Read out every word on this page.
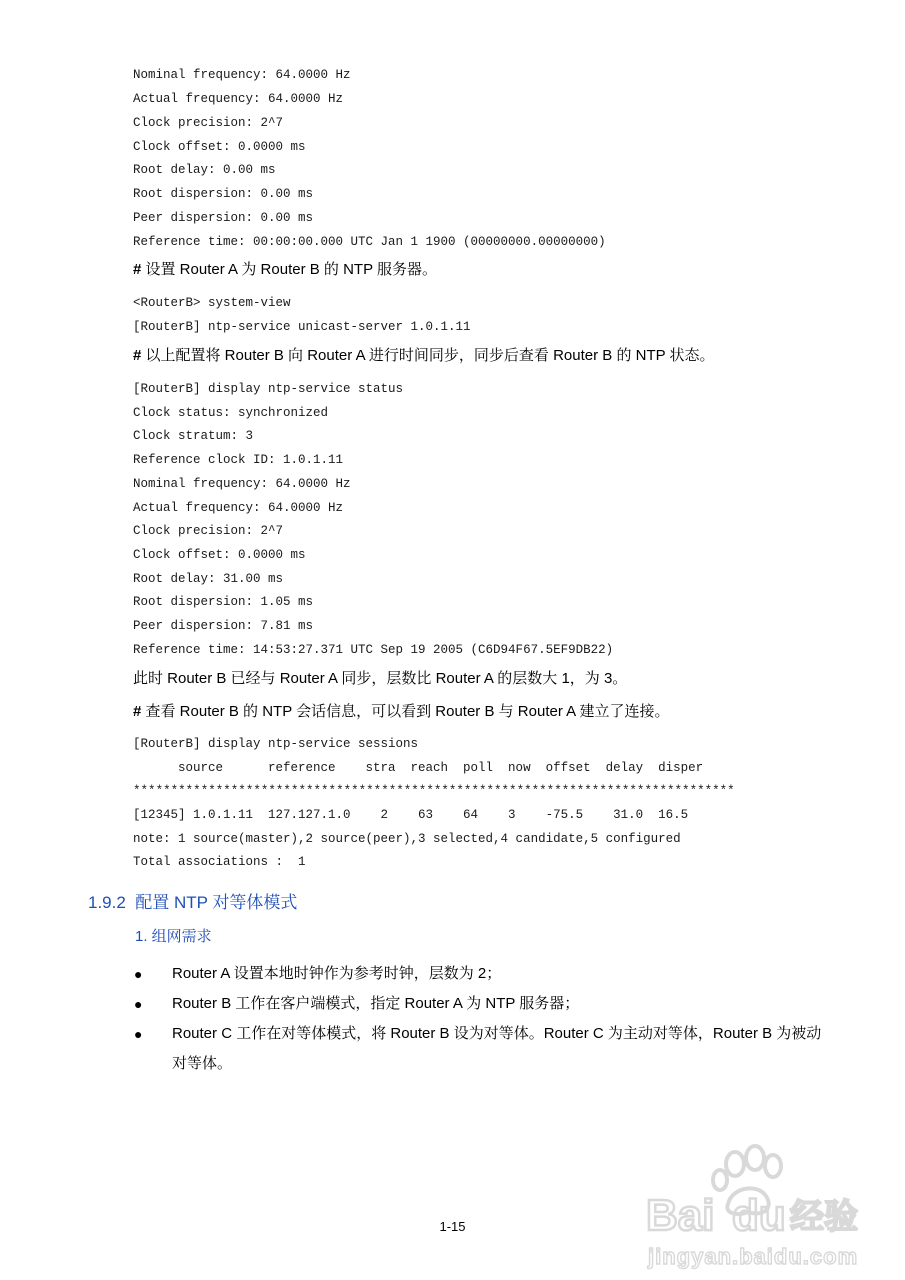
Nominal frequency: 64.0000 Hz
Actual frequency: 64.0000 Hz
Clock precision: 2^7
Clock offset: 0.0000 ms
Root delay: 0.00 ms
Root dispersion: 0.00 ms
Peer dispersion: 0.00 ms
Reference time: 00:00:00.000 UTC Jan 1 1900 (00000000.00000000)
# 设置 Router A 为 Router B 的 NTP 服务器。
<RouterB> system-view
[RouterB] ntp-service unicast-server 1.0.1.11
# 以上配置将 Router B 向 Router A 进行时间同步，同步后查看 Router B 的 NTP 状态。
[RouterB] display ntp-service status
Clock status: synchronized
Clock stratum: 3
Reference clock ID: 1.0.1.11
Nominal frequency: 64.0000 Hz
Actual frequency: 64.0000 Hz
Clock precision: 2^7
Clock offset: 0.0000 ms
Root delay: 31.00 ms
Root dispersion: 1.05 ms
Peer dispersion: 7.81 ms
Reference time: 14:53:27.371 UTC Sep 19 2005 (C6D94F67.5EF9DB22)
此时 Router B 已经与 Router A 同步，层数比 Router A 的层数大 1，为 3。
# 查看 Router B 的 NTP 会话信息，可以看到 Router B 与 Router A 建立了连接。
[RouterB] display ntp-service sessions
source      reference    stra  reach  poll  now  offset  delay  disper
********************************************************************************
[12345] 1.0.1.11  127.127.1.0    2    63    64    3    -75.5    31.0  16.5
note: 1 source(master),2 source(peer),3 selected,4 candidate,5 configured
Total associations :  1
1.9.2 配置 NTP 对等体模式
1. 组网需求
● Router A 设置本地时钟作为参考时钟，层数为 2；
● Router B 工作在客户端模式，指定 Router A 为 NTP 服务器；
● Router C 工作在对等体模式，将 Router B 设为对等体。Router C 为主动对等体，Router B 为被动对等体。
Bai du 经验
jingyan.baidu.com
1-15
